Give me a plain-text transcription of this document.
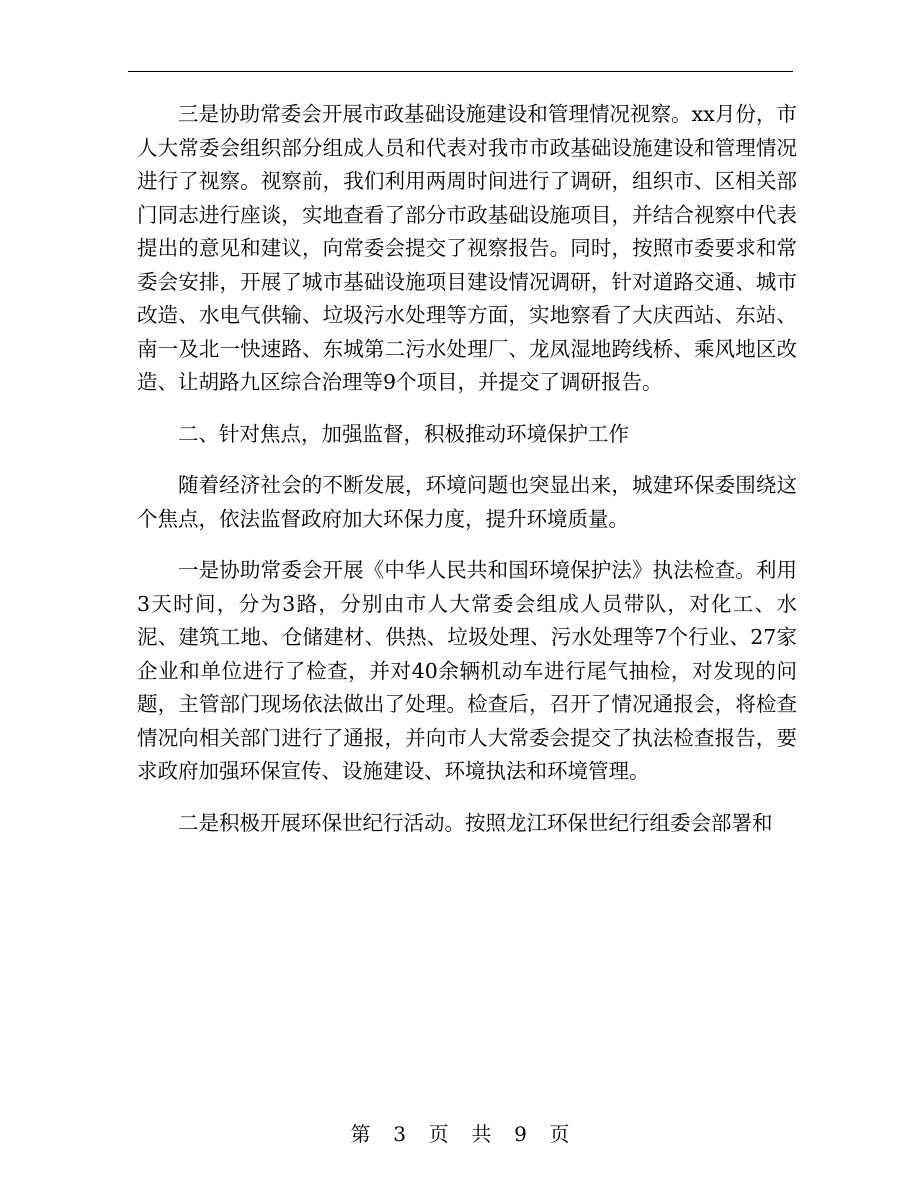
三是协助常委会开展市政基础设施建设和管理情况视察。xx月份，市人大常委会组织部分组成人员和代表对我市市政基础设施建设和管理情况进行了视察。视察前，我们利用两周时间进行了调研，组织市、区相关部门同志进行座谈，实地查看了部分市政基础设施项目，并结合视察中代表提出的意见和建议，向常委会提交了视察报告。同时，按照市委要求和常委会安排，开展了城市基础设施项目建设情况调研，针对道路交通、城市改造、水电气供输、垃圾污水处理等方面，实地察看了大庆西站、东站、南一及北一快速路、东城第二污水处理厂、龙凤湿地跨线桥、乘风地区改造、让胡路九区综合治理等9个项目，并提交了调研报告。

二、针对焦点，加强监督，积极推动环境保护工作

随着经济社会的不断发展，环境问题也突显出来，城建环保委围绕这个焦点，依法监督政府加大环保力度，提升环境质量。

一是协助常委会开展《中华人民共和国环境保护法》执法检查。利用3天时间，分为3路，分别由市人大常委会组成人员带队，对化工、水泥、建筑工地、仓储建材、供热、垃圾处理、污水处理等7个行业、27家企业和单位进行了检查，并对40余辆机动车进行尾气抽检，对发现的问题，主管部门现场依法做出了处理。检查后，召开了情况通报会，将检查情况向相关部门进行了通报，并向市人大常委会提交了执法检查报告，要求政府加强环保宣传、设施建设、环境执法和环境管理。

二是积极开展环保世纪行活动。按照龙江环保世纪行组委会部署和

第 3 页 共 9 页
